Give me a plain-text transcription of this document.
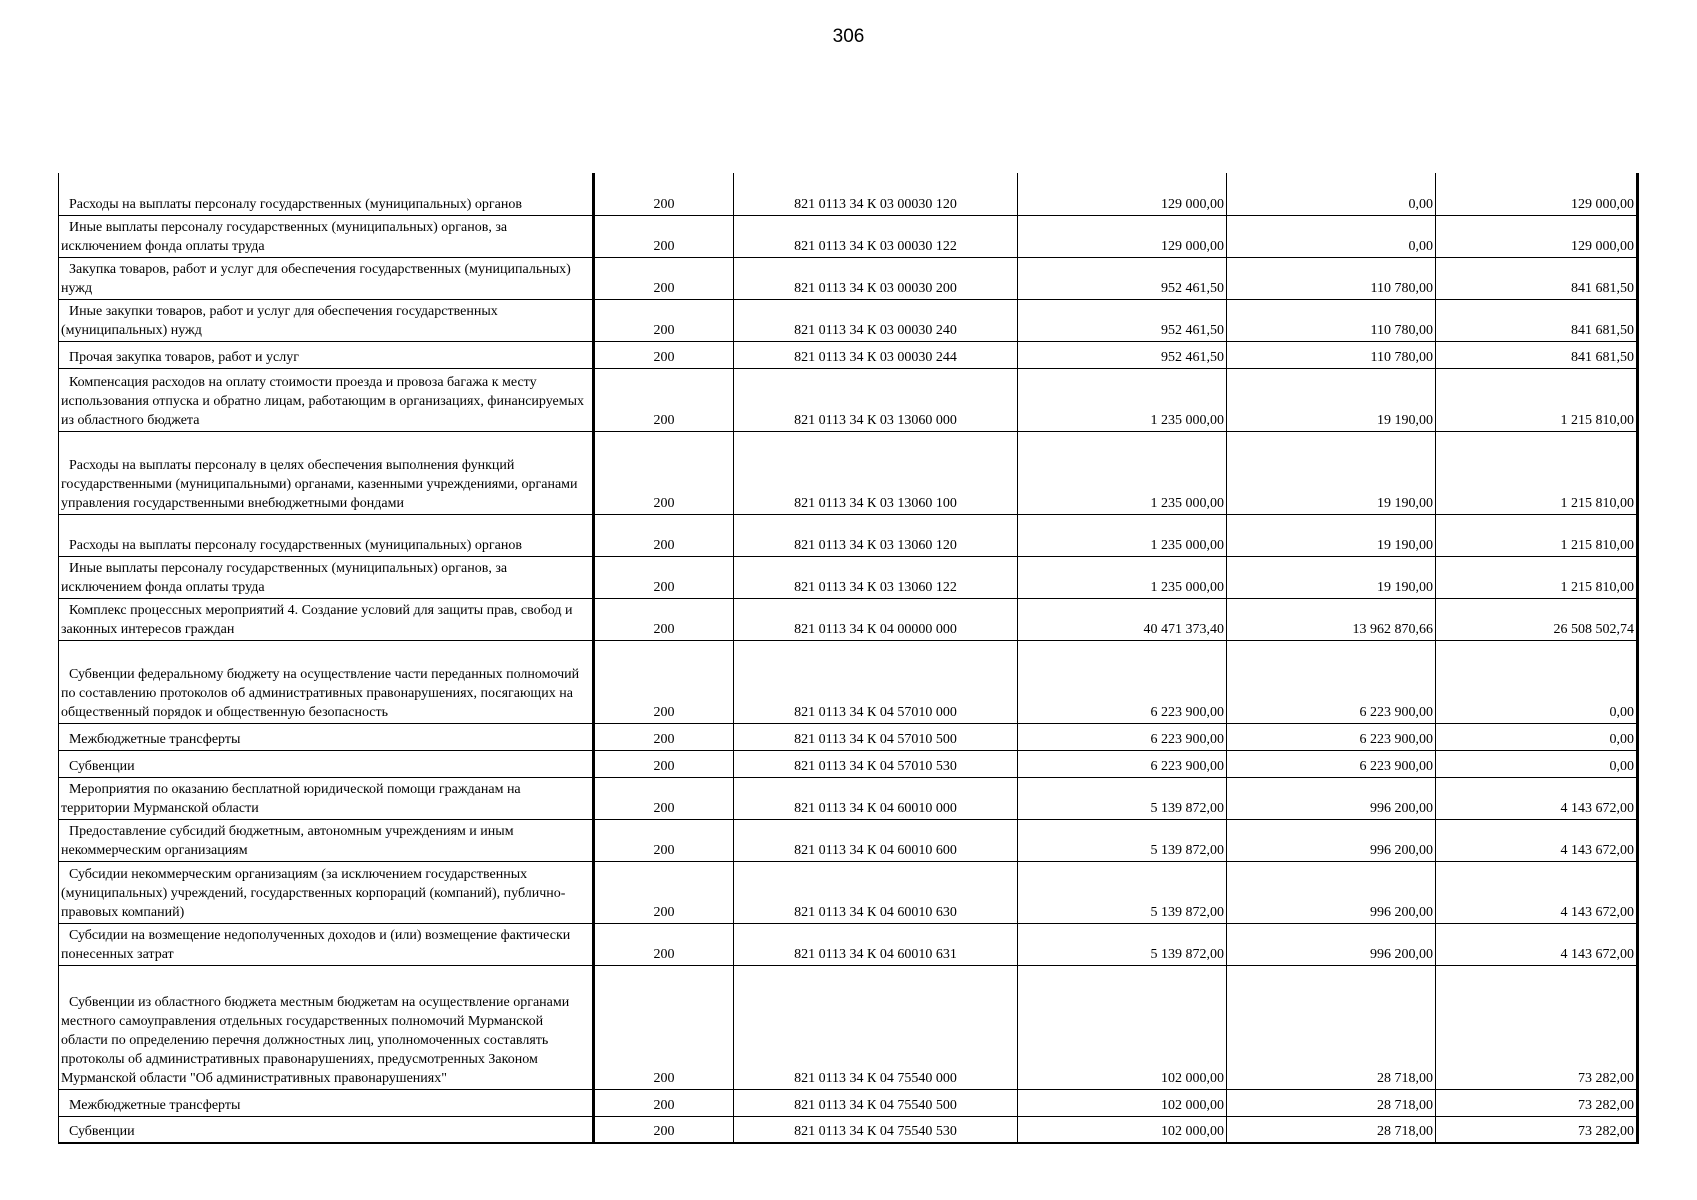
306
Расходы на выплаты персоналу государственных (муниципальных) органов	200	821 0113 34 К 03 00030 120	129 000,00	0,00	129 000,00

Иные выплаты персоналу государственных (муниципальных) органов, за исключением фонда оплаты труда	200	821 0113 34 К 03 00030 122	129 000,00	0,00	129 000,00

Закупка товаров, работ и услуг для обеспечения государственных (муниципальных) нужд	200	821 0113 34 К 03 00030 200	952 461,50	110 780,00	841 681,50

Иные закупки товаров, работ и услуг для обеспечения государственных (муниципальных) нужд	200	821 0113 34 К 03 00030 240	952 461,50	110 780,00	841 681,50

Прочая закупка товаров, работ и услуг	200	821 0113 34 К 03 00030 244	952 461,50	110 780,00	841 681,50

Компенсация расходов на оплату стоимости проезда и провоза багажа к месту использования отпуска и обратно лицам, работающим в организациях, финансируемых из областного бюджета	200	821 0113 34 К 03 13060 000	1 235 000,00	19 190,00	1 215 810,00

Расходы на выплаты персоналу в целях обеспечения выполнения функций государственными (муниципальными) органами, казенными учреждениями, органами управления государственными внебюджетными фондами	200	821 0113 34 К 03 13060 100	1 235 000,00	19 190,00	1 215 810,00

Расходы на выплаты персоналу государственных (муниципальных) органов	200	821 0113 34 К 03 13060 120	1 235 000,00	19 190,00	1 215 810,00

Иные выплаты персоналу государственных (муниципальных) органов, за исключением фонда оплаты труда	200	821 0113 34 К 03 13060 122	1 235 000,00	19 190,00	1 215 810,00

Комплекс процессных мероприятий 4. Создание условий для защиты прав, свобод и законных интересов граждан	200	821 0113 34 К 04 00000 000	40 471 373,40	13 962 870,66	26 508 502,74

Субвенции федеральному бюджету на осуществление части переданных полномочий по составлению протоколов об административных правонарушениях, посягающих на общественный порядок и общественную безопасность	200	821 0113 34 К 04 57010 000	6 223 900,00	6 223 900,00	0,00

Межбюджетные трансферты	200	821 0113 34 К 04 57010 500	6 223 900,00	6 223 900,00	0,00

Субвенции	200	821 0113 34 К 04 57010 530	6 223 900,00	6 223 900,00	0,00

Мероприятия по оказанию бесплатной юридической помощи гражданам на территории Мурманской области	200	821 0113 34 К 04 60010 000	5 139 872,00	996 200,00	4 143 672,00

Предоставление субсидий бюджетным, автономным учреждениям и иным некоммерческим организациям	200	821 0113 34 К 04 60010 600	5 139 872,00	996 200,00	4 143 672,00

Субсидии некоммерческим организациям (за исключением государственных (муниципальных) учреждений, государственных корпораций (компаний), публично-правовых компаний)	200	821 0113 34 К 04 60010 630	5 139 872,00	996 200,00	4 143 672,00

Субсидии на возмещение недополученных доходов и (или) возмещение фактически понесенных затрат	200	821 0113 34 К 04 60010 631	5 139 872,00	996 200,00	4 143 672,00

Субвенции из областного бюджета местным бюджетам на осуществление органами местного самоуправления отдельных государственных полномочий Мурманской области по определению перечня должностных лиц, уполномоченных составлять протоколы об административных правонарушениях, предусмотренных Законом Мурманской области "Об административных правонарушениях"	200	821 0113 34 К 04 75540 000	102 000,00	28 718,00	73 282,00

Межбюджетные трансферты	200	821 0113 34 К 04 75540 500	102 000,00	28 718,00	73 282,00

Субвенции	200	821 0113 34 К 04 75540 530	102 000,00	28 718,00	73 282,00
